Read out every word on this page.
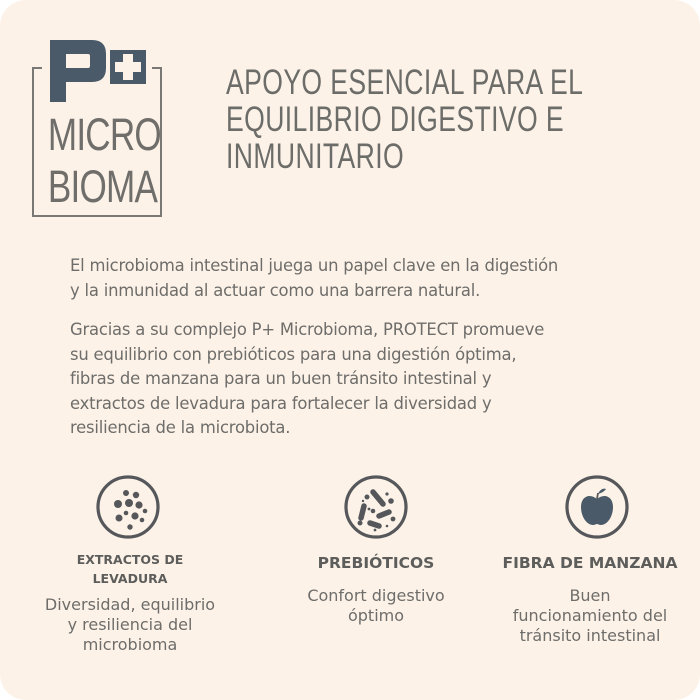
MICRO
BIOMA
APOYO ESENCIAL PARA EL
EQUILIBRIO DIGESTIVO E
INMUNITARIO
El microbioma intestinal juega un papel clave en la digestión
y la inmunidad al actuar como una barrera natural.
Gracias a su complejo P+ Microbioma, PROTECT promueve
su equilibrio con prebióticos para una digestión óptima,
fibras de manzana para un buen tránsito intestinal y
extractos de levadura para fortalecer la diversidad y
resiliencia de la microbiota.
EXTRACTOS DE
LEVADURA
Diversidad, equilibrio
y resiliencia del
microbioma
PREBIÓTICOS
Confort digestivo
óptimo
FIBRA DE MANZANA
Buen
funcionamiento del
tránsito intestinal
